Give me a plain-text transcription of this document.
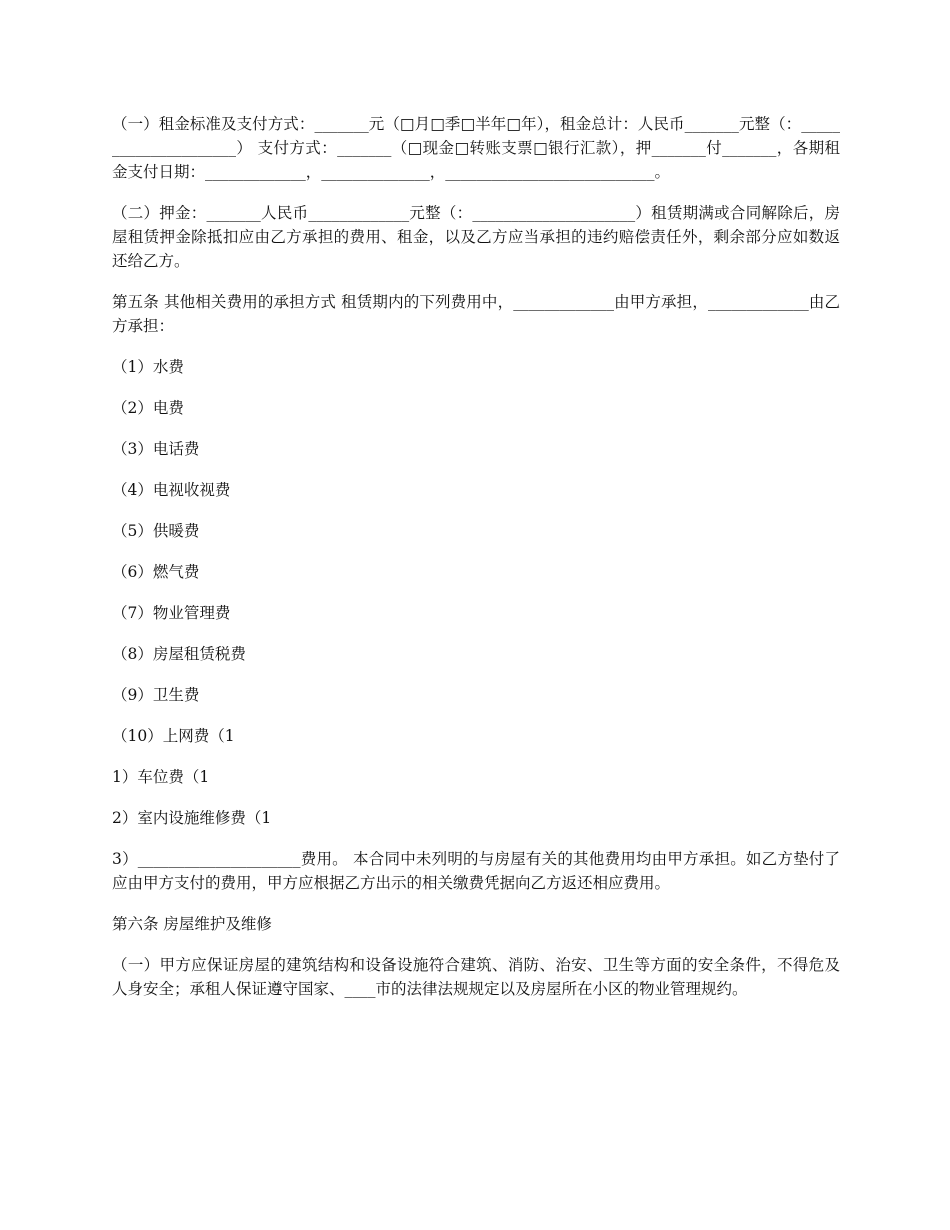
（一）租金标准及支付方式：_______元（□月□季□半年□年），租金总计：人民币_______元整（：_____________________） 支付方式：_______（□现金□转账支票□银行汇款），押_______付_______，各期租金支付日期：_____________，______________，___________________________。

（二）押金：_______人民币_____________元整（：_____________________）租赁期满或合同解除后，房屋租赁押金除抵扣应由乙方承担的费用、租金，以及乙方应当承担的违约赔偿责任外，剩余部分应如数返还给乙方。

第五条 其他相关费用的承担方式 租赁期内的下列费用中，_____________由甲方承担，_____________由乙方承担：

（1）水费

（2）电费

（3）电话费

（4）电视收视费

（5）供暖费

（6）燃气费

（7）物业管理费

（8）房屋租赁税费

（9）卫生费

（10）上网费（1

1）车位费（1

2）室内设施维修费（1

3）_____________________费用。 本合同中未列明的与房屋有关的其他费用均由甲方承担。如乙方垫付了应由甲方支付的费用，甲方应根据乙方出示的相关缴费凭据向乙方返还相应费用。

第六条 房屋维护及维修

（一）甲方应保证房屋的建筑结构和设备设施符合建筑、消防、治安、卫生等方面的安全条件，不得危及人身安全；承租人保证遵守国家、____市的法律法规规定以及房屋所在小区的物业管理规约。
